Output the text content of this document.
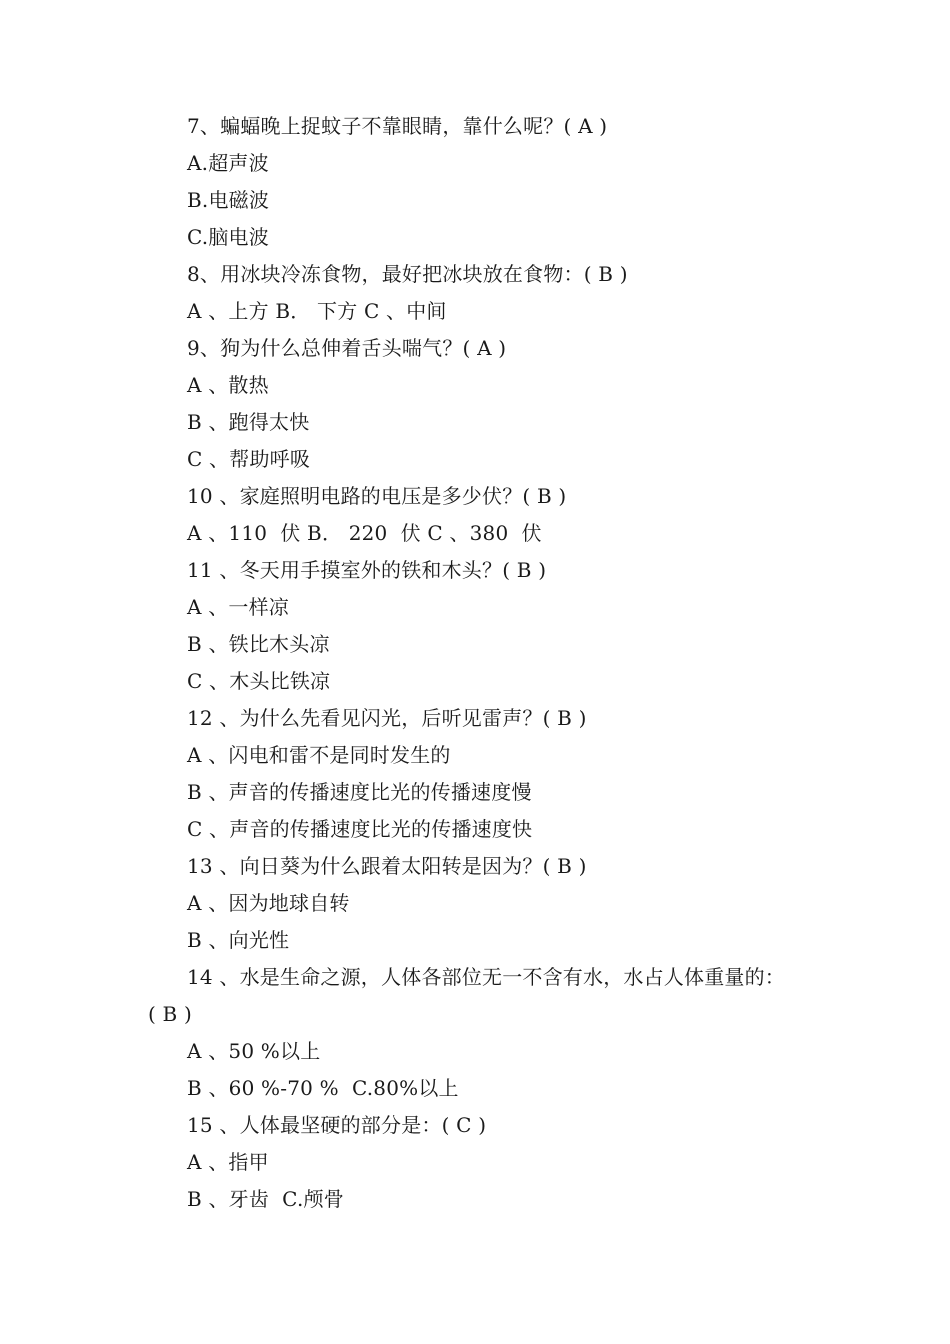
7、蝙蝠晚上捉蚊子不靠眼睛，靠什么呢？( A )
A.超声波
B.电磁波
C.脑电波
8、用冰块冷冻食物，最好把冰块放在食物：( B )
A 、上方 B． 下方 C 、中间
9、狗为什么总伸着舌头喘气？( A )
A 、散热
B 、跑得太快
C 、帮助呼吸
10 、家庭照明电路的电压是多少伏？( B )
A 、110  伏 B． 220  伏 C 、380  伏
11 、冬天用手摸室外的铁和木头？( B )
A 、一样凉
B 、铁比木头凉
C 、木头比铁凉
12 、为什么先看见闪光，后听见雷声？( B )
A 、闪电和雷不是同时发生的
B 、声音的传播速度比光的传播速度慢
C 、声音的传播速度比光的传播速度快
13 、向日葵为什么跟着太阳转是因为？( B )
A 、因为地球自转
B 、向光性
14 、水是生命之源，人体各部位无一不含有水，水占人体重量的：
( B )
A 、50 %以上
B 、60 %-70 %  C.80%以上
15 、人体最坚硬的部分是：( C )
A 、指甲
B 、牙齿  C.颅骨
